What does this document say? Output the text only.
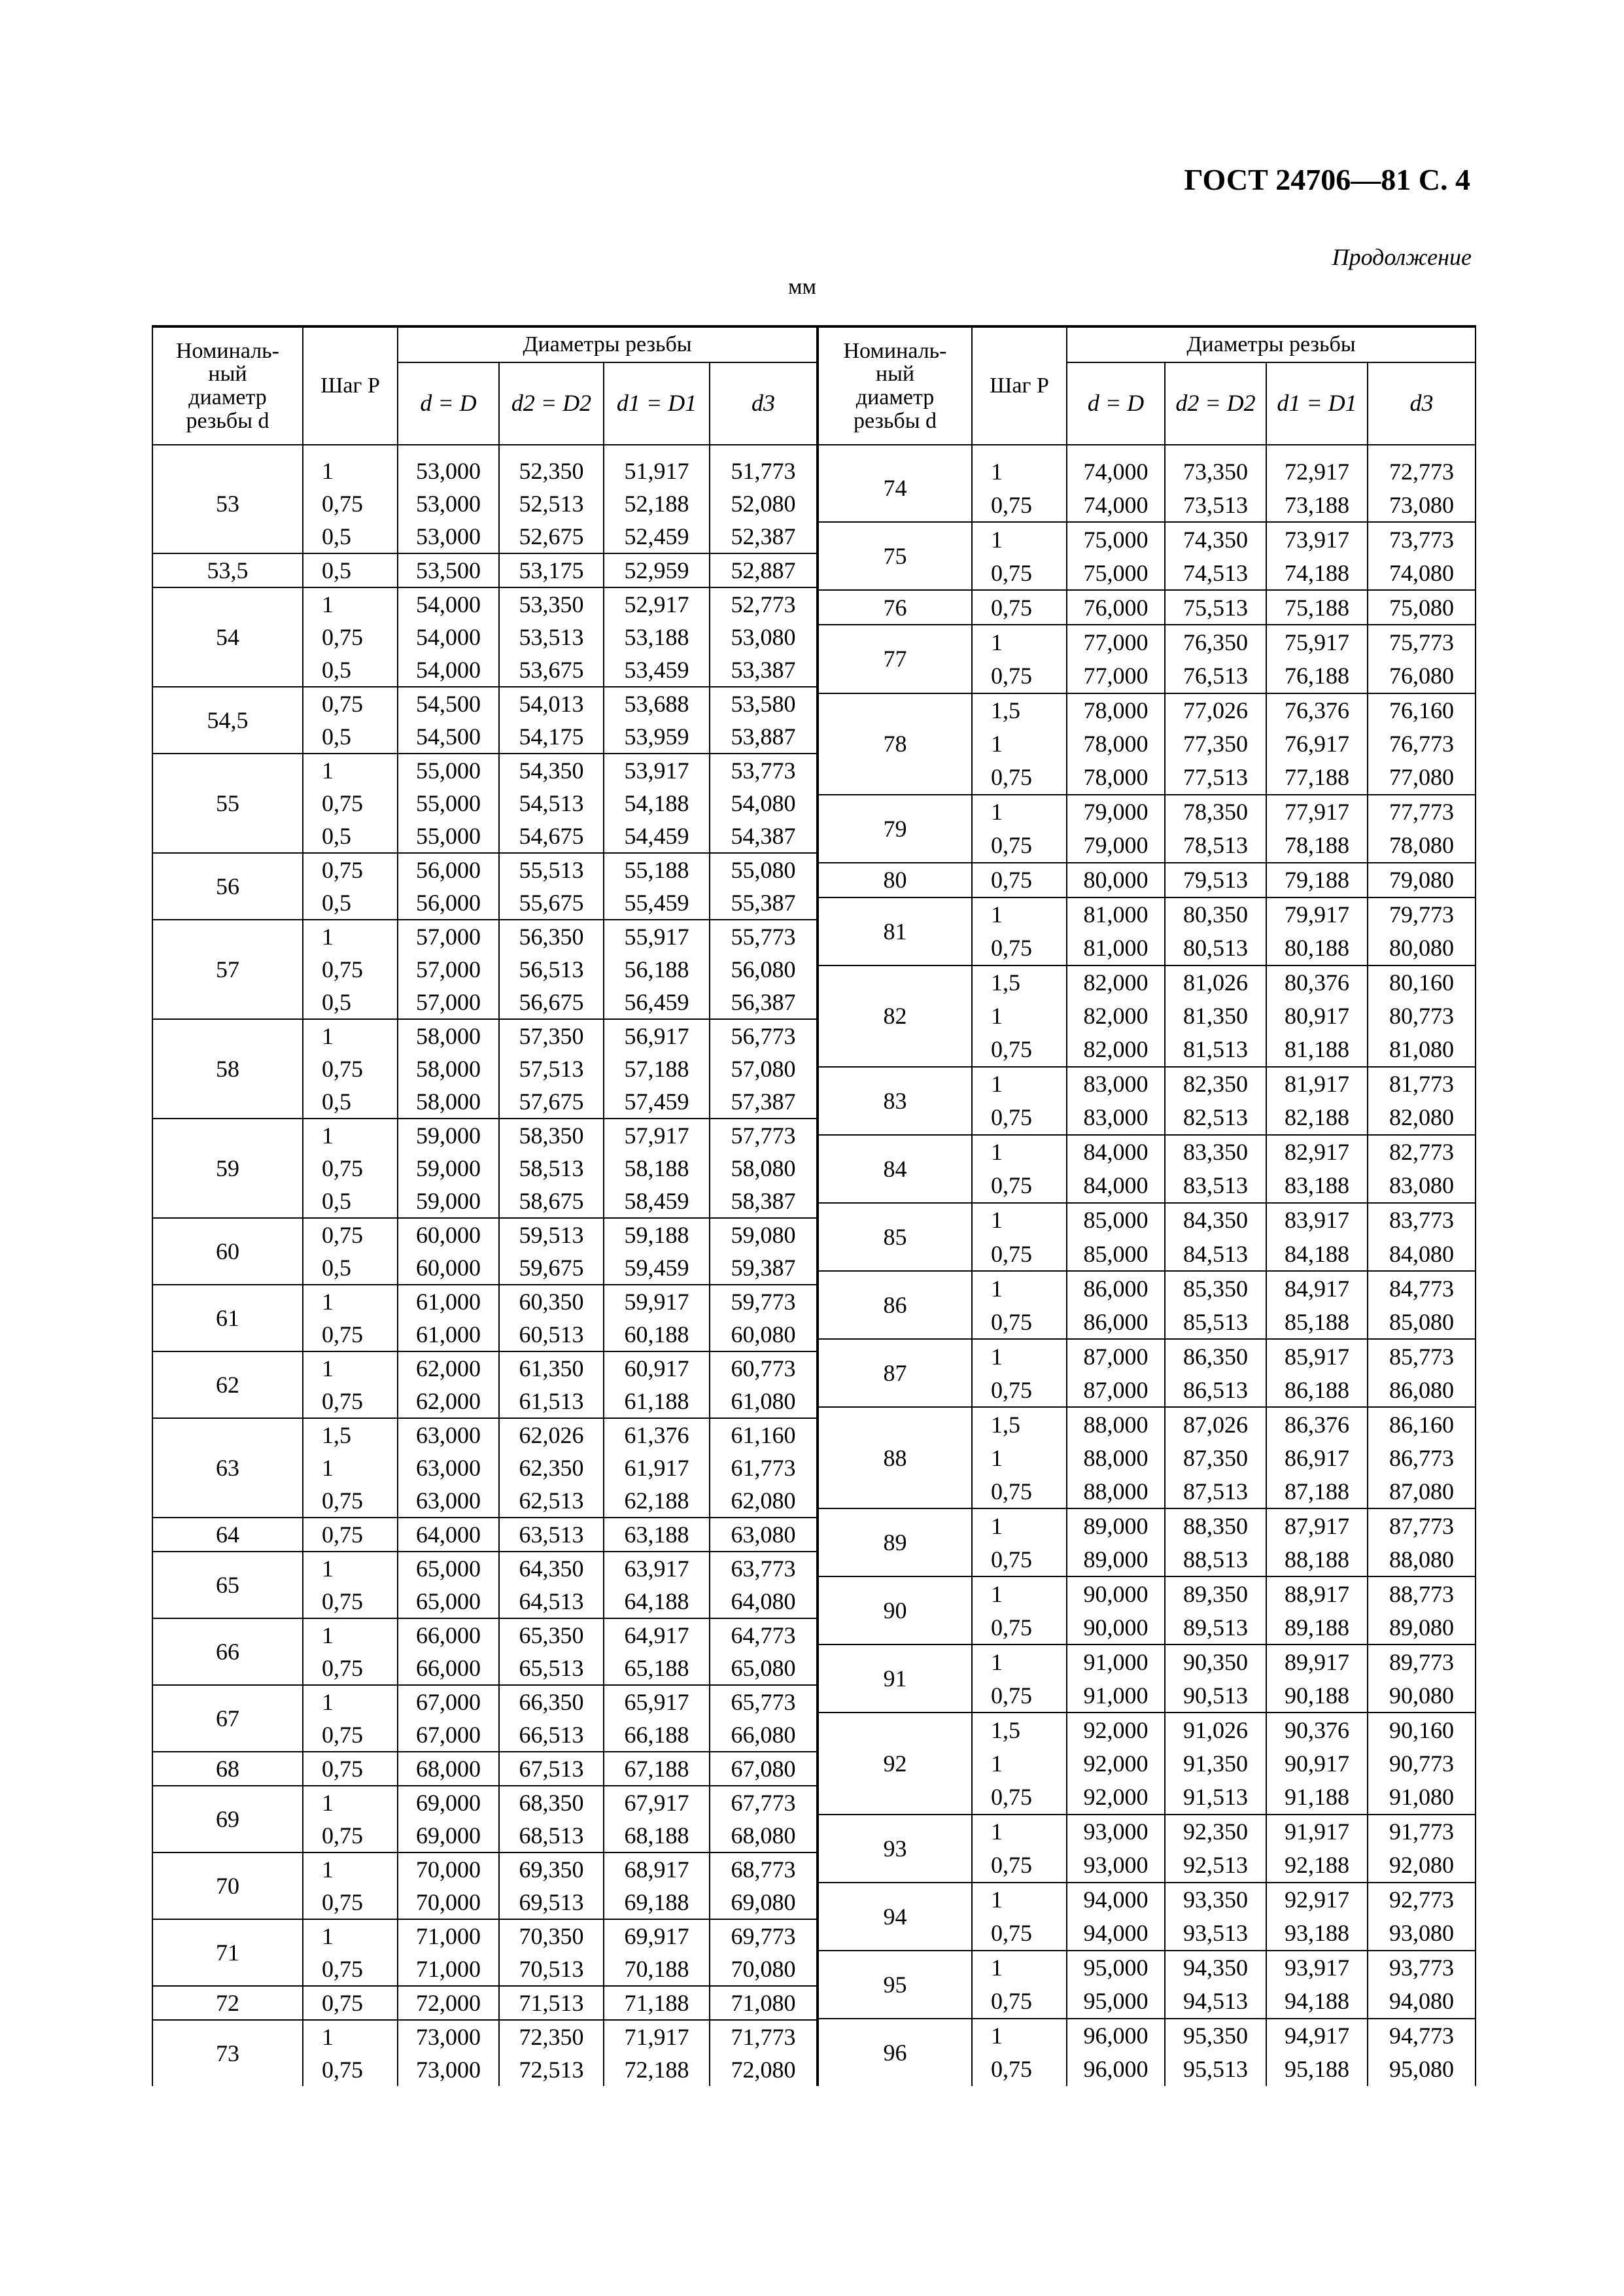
ГОСТ 24706—81 С. 4
Продолжение
мм
Номиналь-
ный
диаметр
резьбы d	Шаг P	Диаметры резьбы			
		d = D	d2 = D2	d1 = D1	d3

53	1	53,000	52,350	51,917	51,773
	0,75	53,000	52,513	52,188	52,080
	0,5	53,000	52,675	52,459	52,387
53,5	0,5	53,500	53,175	52,959	52,887
54	1	54,000	53,350	52,917	52,773
	0,75	54,000	53,513	53,188	53,080
	0,5	54,000	53,675	53,459	53,387
54,5	0,75	54,500	54,013	53,688	53,580
	0,5	54,500	54,175	53,959	53,887
55	1	55,000	54,350	53,917	53,773
	0,75	55,000	54,513	54,188	54,080
	0,5	55,000	54,675	54,459	54,387
56	0,75	56,000	55,513	55,188	55,080
	0,5	56,000	55,675	55,459	55,387
57	1	57,000	56,350	55,917	55,773
	0,75	57,000	56,513	56,188	56,080
	0,5	57,000	56,675	56,459	56,387
58	1	58,000	57,350	56,917	56,773
	0,75	58,000	57,513	57,188	57,080
	0,5	58,000	57,675	57,459	57,387
59	1	59,000	58,350	57,917	57,773
	0,75	59,000	58,513	58,188	58,080
	0,5	59,000	58,675	58,459	58,387
60	0,75	60,000	59,513	59,188	59,080
	0,5	60,000	59,675	59,459	59,387
61	1	61,000	60,350	59,917	59,773
	0,75	61,000	60,513	60,188	60,080
62	1	62,000	61,350	60,917	60,773
	0,75	62,000	61,513	61,188	61,080
63	1,5	63,000	62,026	61,376	61,160
	1	63,000	62,350	61,917	61,773
	0,75	63,000	62,513	62,188	62,080
64	0,75	64,000	63,513	63,188	63,080
65	1	65,000	64,350	63,917	63,773
	0,75	65,000	64,513	64,188	64,080
66	1	66,000	65,350	64,917	64,773
	0,75	66,000	65,513	65,188	65,080
67	1	67,000	66,350	65,917	65,773
	0,75	67,000	66,513	66,188	66,080
68	0,75	68,000	67,513	67,188	67,080
69	1	69,000	68,350	67,917	67,773
	0,75	69,000	68,513	68,188	68,080
70	1	70,000	69,350	68,917	68,773
	0,75	70,000	69,513	69,188	69,080
71	1	71,000	70,350	69,917	69,773
	0,75	71,000	70,513	70,188	70,080
72	0,75	72,000	71,513	71,188	71,080
73	1	73,000	72,350	71,917	71,773
	0,75	73,000	72,513	72,188	72,080
Номиналь-
ный
диаметр
резьбы d	Шаг P	Диаметры резьбы			
		d = D	d2 = D2	d1 = D1	d3

74	1	74,000	73,350	72,917	72,773
	0,75	74,000	73,513	73,188	73,080
75	1	75,000	74,350	73,917	73,773
	0,75	75,000	74,513	74,188	74,080
76	0,75	76,000	75,513	75,188	75,080
77	1	77,000	76,350	75,917	75,773
	0,75	77,000	76,513	76,188	76,080
78	1,5	78,000	77,026	76,376	76,160
	1	78,000	77,350	76,917	76,773
	0,75	78,000	77,513	77,188	77,080
79	1	79,000	78,350	77,917	77,773
	0,75	79,000	78,513	78,188	78,080
80	0,75	80,000	79,513	79,188	79,080
81	1	81,000	80,350	79,917	79,773
	0,75	81,000	80,513	80,188	80,080
82	1,5	82,000	81,026	80,376	80,160
	1	82,000	81,350	80,917	80,773
	0,75	82,000	81,513	81,188	81,080
83	1	83,000	82,350	81,917	81,773
	0,75	83,000	82,513	82,188	82,080
84	1	84,000	83,350	82,917	82,773
	0,75	84,000	83,513	83,188	83,080
85	1	85,000	84,350	83,917	83,773
	0,75	85,000	84,513	84,188	84,080
86	1	86,000	85,350	84,917	84,773
	0,75	86,000	85,513	85,188	85,080
87	1	87,000	86,350	85,917	85,773
	0,75	87,000	86,513	86,188	86,080
88	1,5	88,000	87,026	86,376	86,160
	1	88,000	87,350	86,917	86,773
	0,75	88,000	87,513	87,188	87,080
89	1	89,000	88,350	87,917	87,773
	0,75	89,000	88,513	88,188	88,080
90	1	90,000	89,350	88,917	88,773
	0,75	90,000	89,513	89,188	89,080
91	1	91,000	90,350	89,917	89,773
	0,75	91,000	90,513	90,188	90,080
92	1,5	92,000	91,026	90,376	90,160
	1	92,000	91,350	90,917	90,773
	0,75	92,000	91,513	91,188	91,080
93	1	93,000	92,350	91,917	91,773
	0,75	93,000	92,513	92,188	92,080
94	1	94,000	93,350	92,917	92,773
	0,75	94,000	93,513	93,188	93,080
95	1	95,000	94,350	93,917	93,773
	0,75	95,000	94,513	94,188	94,080
96	1	96,000	95,350	94,917	94,773
	0,75	96,000	95,513	95,188	95,080
